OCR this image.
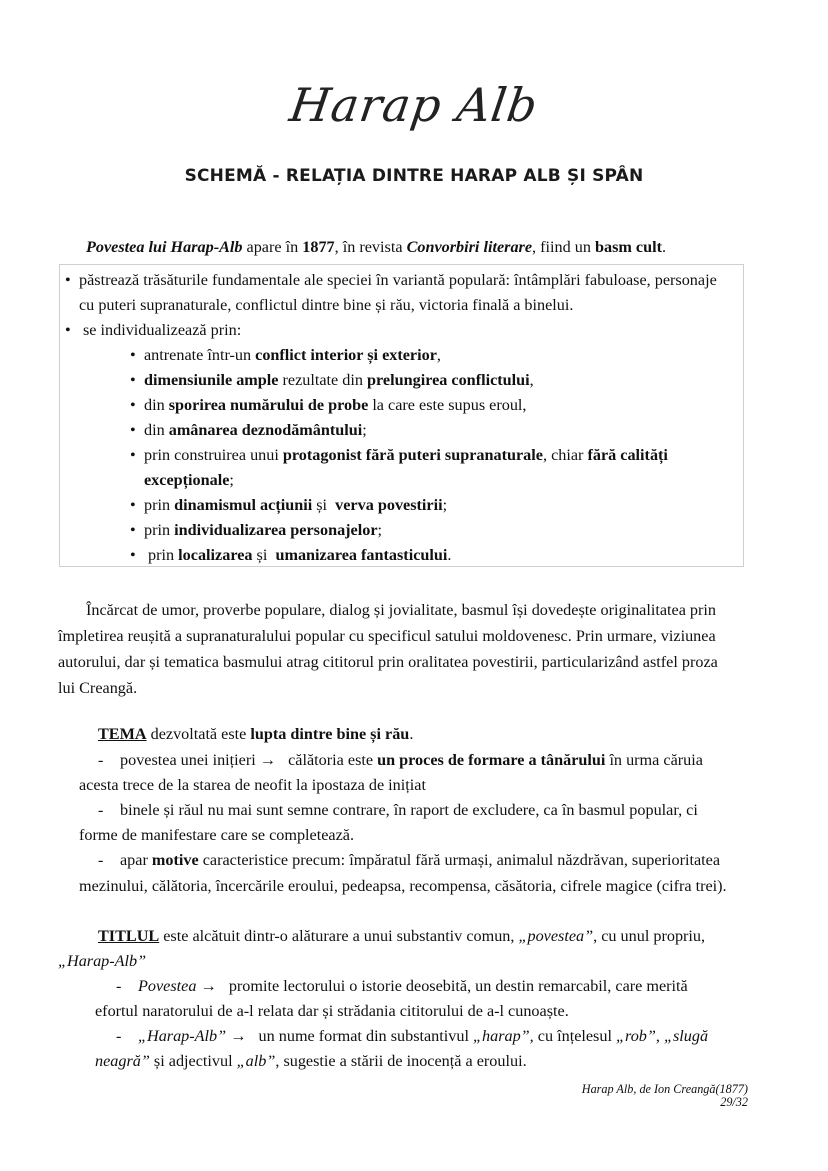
Harap Alb
SCHEMĂ - RELAȚIA DINTRE HARAP ALB ȘI SPÂN
Povestea lui Harap-Alb apare în 1877, în revista Convorbiri literare, fiind un basm cult.
• păstrează trăsăturile fundamentale ale speciei în variantă populară: întâmplări fabuloase, personaje
cu puteri supranaturale, conflictul dintre bine și rău, victoria finală a binelui.
• se individualizează prin:
• antrenate într-un conflict interior și exterior,
• dimensiunile ample rezultate din prelungirea conflictului,
• din sporirea numărului de probe la care este supus eroul,
• din amânarea deznodământului;
• prin construirea unui protagonist fără puteri supranaturale, chiar fără calități
excepționale;
• prin dinamismul acțiunii și  verva povestirii;
• prin individualizarea personajelor;
• prin localizarea și  umanizarea fantasticului.
Încărcat de umor, proverbe populare, dialog și jovialitate, basmul își dovedește originalitatea prin
împletirea reușită a supranaturalului popular cu specificul satului moldovenesc. Prin urmare, viziunea
autorului, dar și tematica basmului atrag cititorul prin oralitatea povestirii, particularizând astfel proza
lui Creangă.
TEMA dezvoltată este lupta dintre bine și rău.
- povestea unei inițieri →   călătoria este un proces de formare a tânărului în urma căruia
acesta trece de la starea de neofit la ipostaza de inițiat
- binele și răul nu mai sunt semne contrare, în raport de excludere, ca în basmul popular, ci
forme de manifestare care se completează.
- apar motive caracteristice precum: împăratul fără urmași, animalul năzdrăvan, superioritatea
mezinului, călătoria, încercările eroului, pedeapsa, recompensa, căsătoria, cifrele magice (cifra trei).
TITLUL este alcătuit dintr-o alăturare a unui substantiv comun, „povestea”, cu unul propriu,
„Harap-Alb”
- Povestea →   promite lectorului o istorie deosebită, un destin remarcabil, care merită
efortul naratorului de a-l relata dar și strădania cititorului de a-l cunoaște.
- „Harap-Alb” →   un nume format din substantivul „harap”, cu înțelesul „rob”, „slugă
neagră” și adjectivul „alb”, sugestie a stării de inocență a eroului.
Harap Alb, de Ion Creangă(1877)
29/32
